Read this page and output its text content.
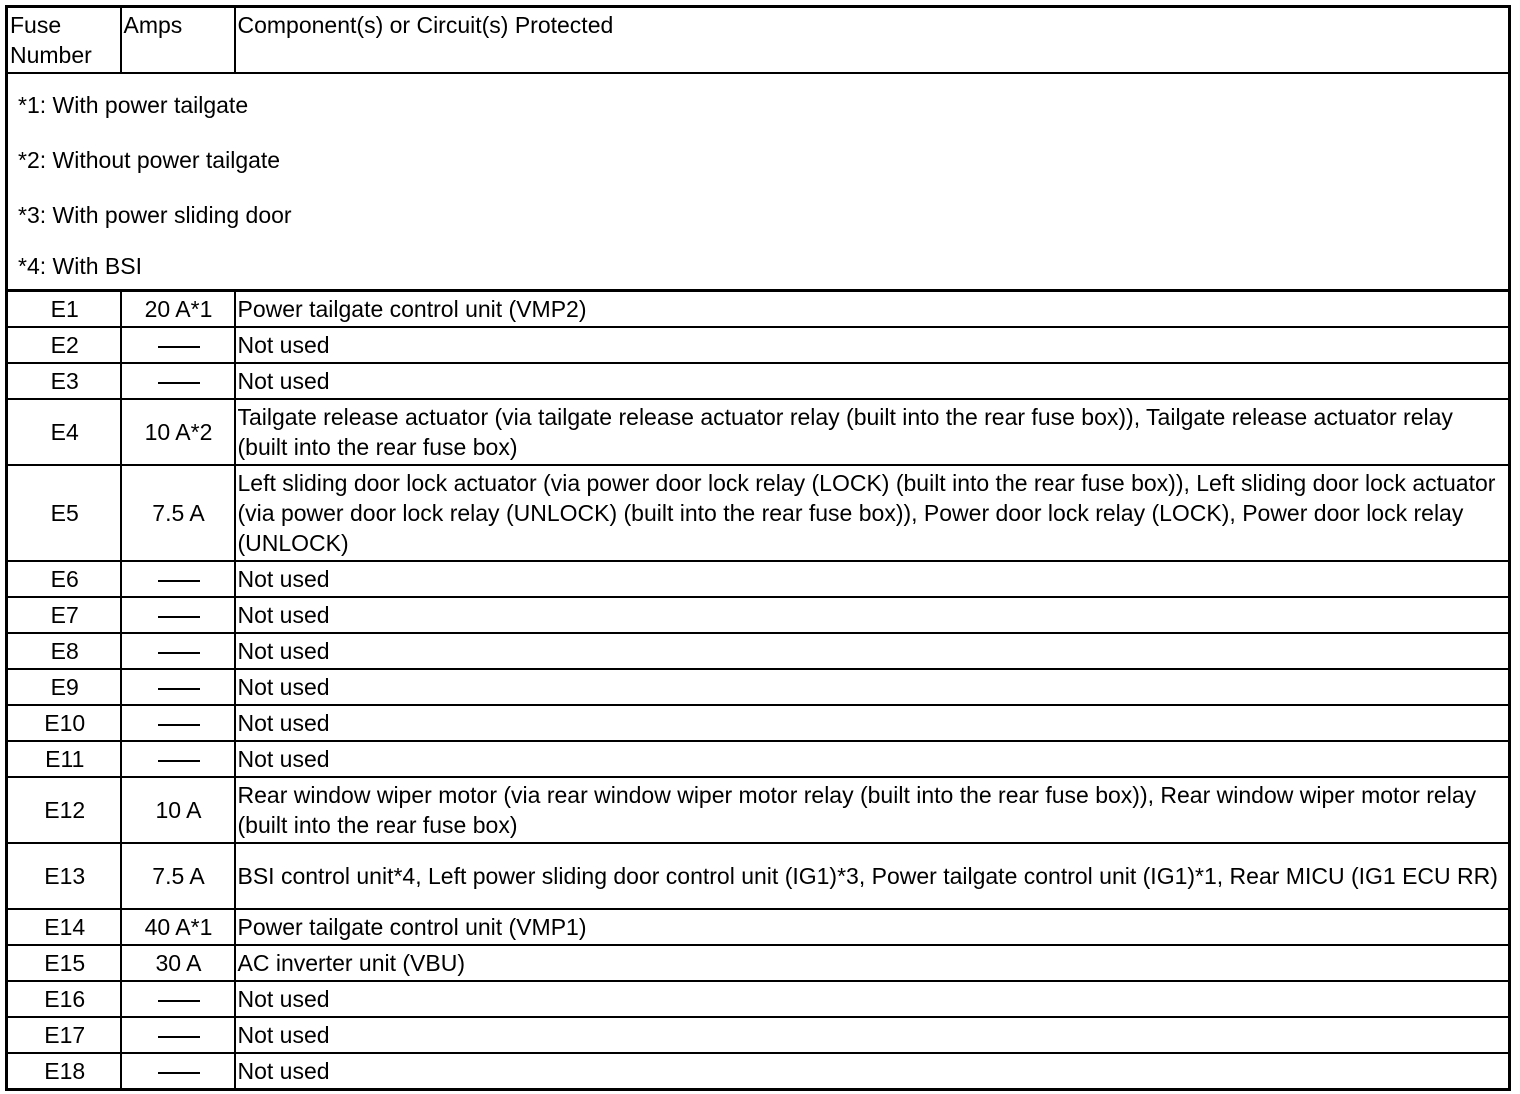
Fuse Number	Amps	Component(s) or Circuit(s) Protected

*1: With power tailgate
*2: Without power tailgate
*3: With power sliding door
*4: With BSI		

E1	20 A*1	Power tailgate control unit (VMP2)
E2		Not used
E3		Not used
E4	10 A*2	Tailgate release actuator (via tailgate release actuator relay (built into the rear fuse box)), Tailgate release actuator relay (built into the rear fuse box)
E5	7.5 A	Left sliding door lock actuator (via power door lock relay (LOCK) (built into the rear fuse box)), Left sliding door lock actuator (via power door lock relay (UNLOCK) (built into the rear fuse box)), Power door lock relay (LOCK), Power door lock relay (UNLOCK)
E6		Not used
E7		Not used
E8		Not used
E9		Not used
E10		Not used
E11		Not used
E12	10 A	Rear window wiper motor (via rear window wiper motor relay (built into the rear fuse box)), Rear window wiper motor relay (built into the rear fuse box)
E13	7.5 A	BSI control unit*4, Left power sliding door control unit (IG1)*3, Power tailgate control unit (IG1)*1, Rear MICU (IG1 ECU RR)
E14	40 A*1	Power tailgate control unit (VMP1)
E15	30 A	AC inverter unit (VBU)
E16		Not used
E17		Not used
E18		Not used
